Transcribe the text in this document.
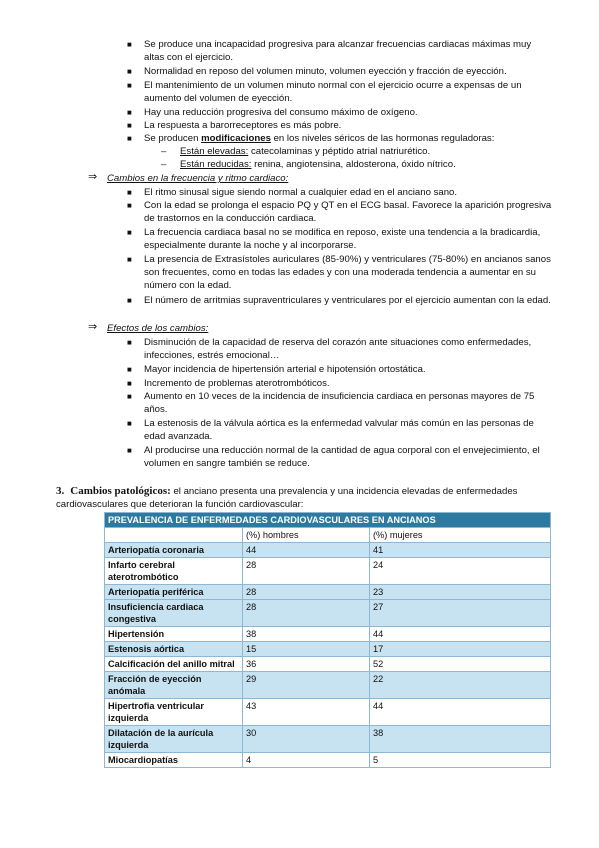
■ Se produce una incapacidad progresiva para alcanzar frecuencias cardiacas máximas muy altas con el ejercicio.
■ Normalidad en reposo del volumen minuto, volumen eyección y fracción de eyección.
■ El mantenimiento de un volumen minuto normal con el ejercicio ocurre a expensas de un aumento del volumen de eyección.
■ Hay una reducción progresiva del consumo máximo de oxígeno.
■ La respuesta a barorreceptores es más pobre.
■ Se producen modificaciones en los niveles séricos de las hormonas reguladoras:
– Están elevadas: catecolaminas y péptido atrial natriurético.
– Están reducidas: renina, angiotensina, aldosterona, óxido nítrico.
⇒ Cambios en la frecuencia y ritmo cardiaco:
■ El ritmo sinusal sigue siendo normal a cualquier edad en el anciano sano.
■ Con la edad se prolonga el espacio PQ y QT en el ECG basal. Favorece la aparición progresiva de trastornos en la conducción cardiaca.
■ La frecuencia cardiaca basal no se modifica en reposo, existe una tendencia a la bradicardia, especialmente durante la noche y al incorporarse.
■ La presencia de Extrasístoles auriculares (85-90%) y ventriculares (75-80%) en ancianos sanos son frecuentes, como en todas las edades y con una moderada tendencia a aumentar en su número con la edad.
■ El número de arritmias supraventriculares y ventriculares por el ejercicio aumentan con la edad.
⇒ Efectos de los cambios:
■ Disminución de la capacidad de reserva del corazón ante situaciones como enfermedades, infecciones, estrés emocional…
■ Mayor incidencia de hipertensión arterial e hipotensión ortostática.
■ Incremento de problemas aterotrombóticos.
■ Aumento en 10 veces de la incidencia de insuficiencia cardiaca en personas mayores de 75 años.
■ La estenosis de la válvula aórtica es la enfermedad valvular más común en las personas de edad avanzada.
■ Al producirse una reducción normal de la cantidad de agua corporal con el envejecimiento, el volumen en sangre también se reduce.
3. Cambios patológicos: el anciano presenta una prevalencia y una incidencia elevadas de enfermedades cardiovasculares que deterioran la función cardiovascular:
PREVALENCIA DE ENFERMEDADES CARDIOVASCULARES EN ANCIANOS		
	(%) hombres	(%) mujeres
Arteriopatía coronaria	44	41
Infarto cerebral aterotrombótico	28	24
Arteriopatía periférica	28	23
Insuficiencia cardiaca congestiva	28	27
Hipertensión	38	44
Estenosis aórtica	15	17
Calcificación del anillo mitral	36	52
Fracción de eyección anómala	29	22
Hipertrofia ventricular izquierda	43	44
Dilatación de la aurícula izquierda	30	38
Miocardiopatías	4	5
